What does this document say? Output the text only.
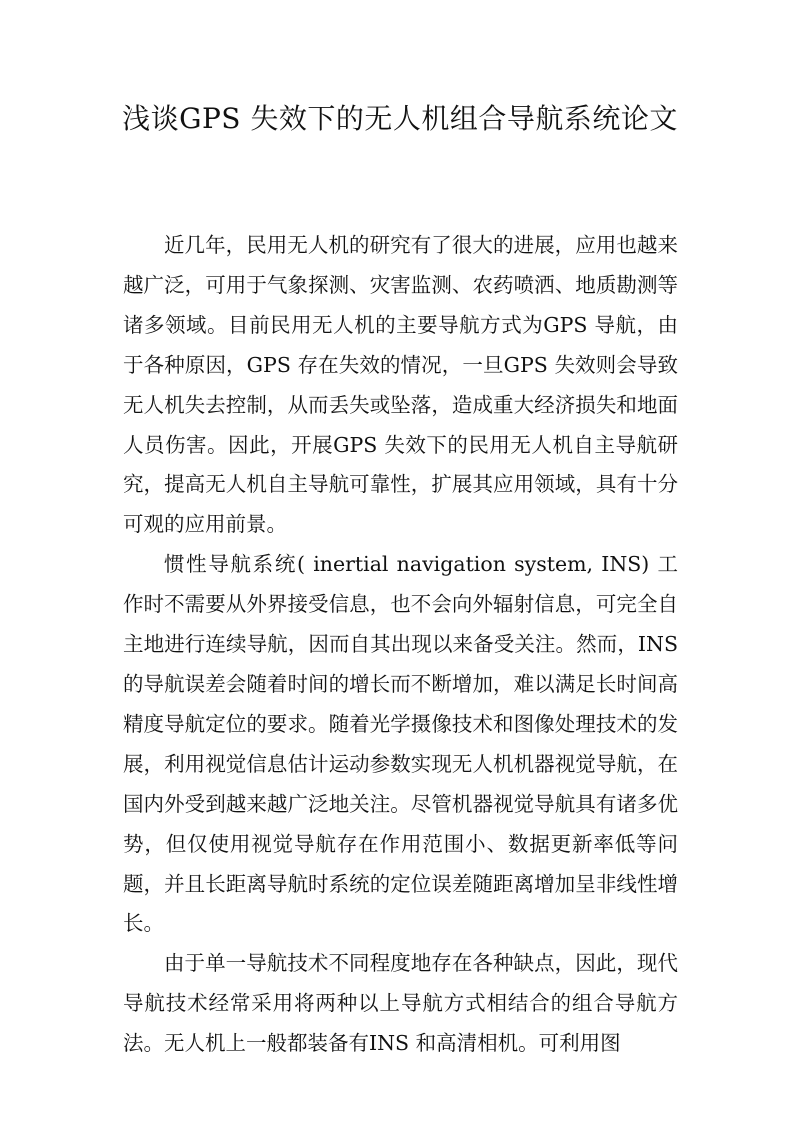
浅谈GPS 失效下的无人机组合导航系统论文

近几年，民用无人机的研究有了很大的进展，应用也越来越广泛，可用于气象探测、灾害监测、农药喷洒、地质勘测等诸多领域。目前民用无人机的主要导航方式为GPS 导航，由于各种原因，GPS 存在失效的情况，一旦GPS 失效则会导致无人机失去控制，从而丢失或坠落，造成重大经济损失和地面人员伤害。因此，开展GPS 失效下的民用无人机自主导航研究，提高无人机自主导航可靠性，扩展其应用领域，具有十分可观的应用前景。

惯性导航系统( inertial navigation system, INS) 工作时不需要从外界接受信息，也不会向外辐射信息，可完全自主地进行连续导航，因而自其出现以来备受关注。然而，INS 的导航误差会随着时间的增长而不断增加，难以满足长时间高精度导航定位的要求。随着光学摄像技术和图像处理技术的发展，利用视觉信息估计运动参数实现无人机机器视觉导航，在国内外受到越来越广泛地关注。尽管机器视觉导航具有诸多优势，但仅使用视觉导航存在作用范围小、数据更新率低等问题，并且长距离导航时系统的定位误差随距离增加呈非线性增长。

由于单一导航技术不同程度地存在各种缺点，因此，现代导航技术经常采用将两种以上导航方式相结合的组合导航方法。无人机上一般都装备有INS 和高清相机。可利用图
